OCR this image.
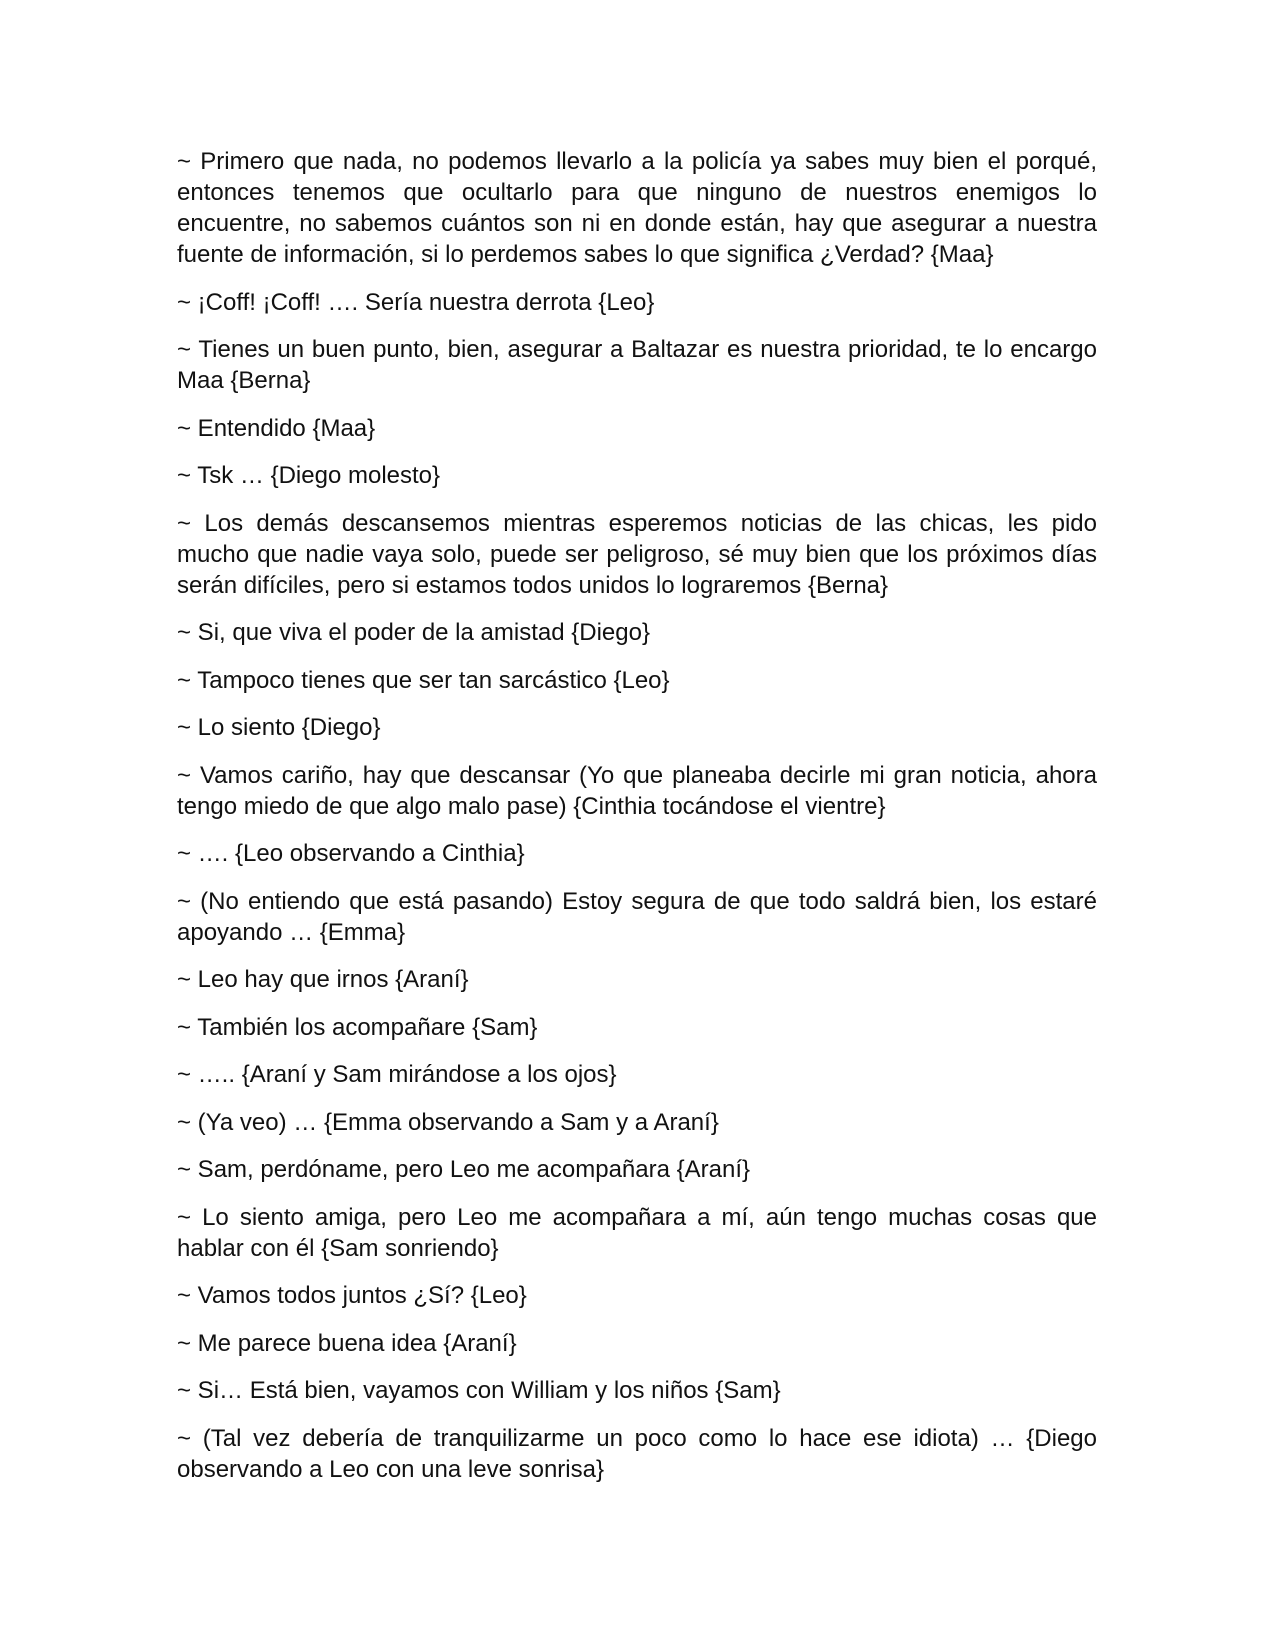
~ Primero que nada, no podemos llevarlo a la policía ya sabes muy bien el porqué, entonces tenemos que ocultarlo para que ninguno de nuestros enemigos lo encuentre, no sabemos cuántos son ni en donde están, hay que asegurar a nuestra fuente de información, si lo perdemos sabes lo que significa ¿Verdad? {Maa}

~ ¡Coff! ¡Coff! …. Sería nuestra derrota {Leo}

~ Tienes un buen punto, bien, asegurar a Baltazar es nuestra prioridad, te lo encargo Maa {Berna}

~ Entendido {Maa}

~ Tsk … {Diego molesto}

~ Los demás descansemos mientras esperemos noticias de las chicas, les pido mucho que nadie vaya solo, puede ser peligroso, sé muy bien que los próximos días serán difíciles, pero si estamos todos unidos lo lograremos {Berna}

~ Si, que viva el poder de la amistad {Diego}

~ Tampoco tienes que ser tan sarcástico {Leo}

~ Lo siento {Diego}

~ Vamos cariño, hay que descansar (Yo que planeaba decirle mi gran noticia, ahora tengo miedo de que algo malo pase) {Cinthia tocándose el vientre}

~ …. {Leo observando a Cinthia}

~ (No entiendo que está pasando) Estoy segura de que todo saldrá bien, los estaré apoyando … {Emma}

~ Leo hay que irnos {Araní}

~ También los acompañare {Sam}

~ ….. {Araní y Sam mirándose a los ojos}

~ (Ya veo) … {Emma observando a Sam y a Araní}

~ Sam, perdóname, pero Leo me acompañara {Araní}

~ Lo siento amiga, pero Leo me acompañara a mí, aún tengo muchas cosas que hablar con él {Sam sonriendo}

~ Vamos todos juntos ¿Sí? {Leo}

~ Me parece buena idea {Araní}

~ Si… Está bien, vayamos con William y los niños {Sam}

~ (Tal vez debería de tranquilizarme un poco como lo hace ese idiota) … {Diego observando a Leo con una leve sonrisa}
